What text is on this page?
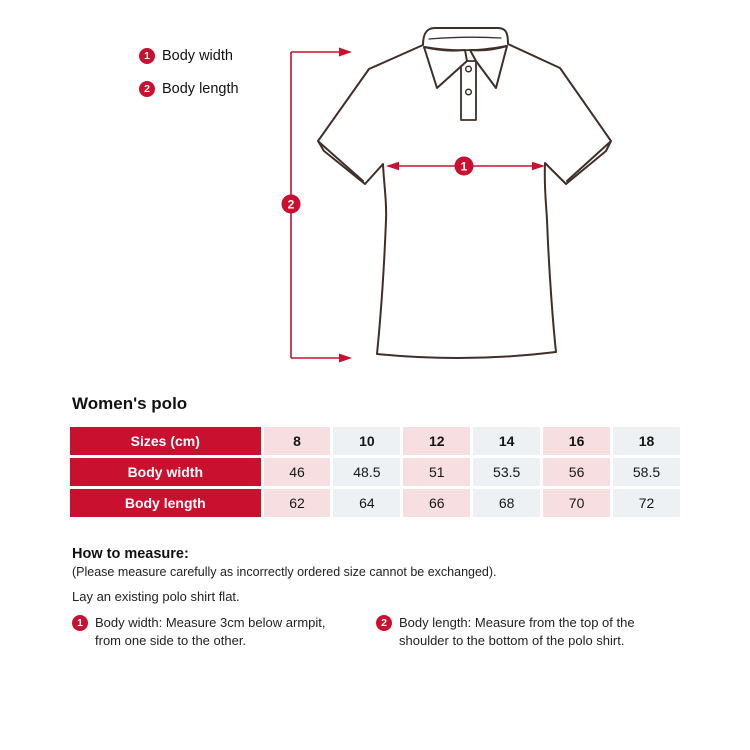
1 Body width
2 Body length
1
2
Women's polo
Sizes (cm)	8	10	12	14	16	18
Body width	46	48.5	51	53.5	56	58.5
Body length	62	64	66	68	70	72
How to measure:
(Please measure carefully as incorrectly ordered size cannot be exchanged).
Lay an existing polo shirt flat.
1 Body width: Measure 3cm below armpit, from one side to the other.
2 Body length: Measure from the top of the shoulder to the bottom of the polo shirt.
